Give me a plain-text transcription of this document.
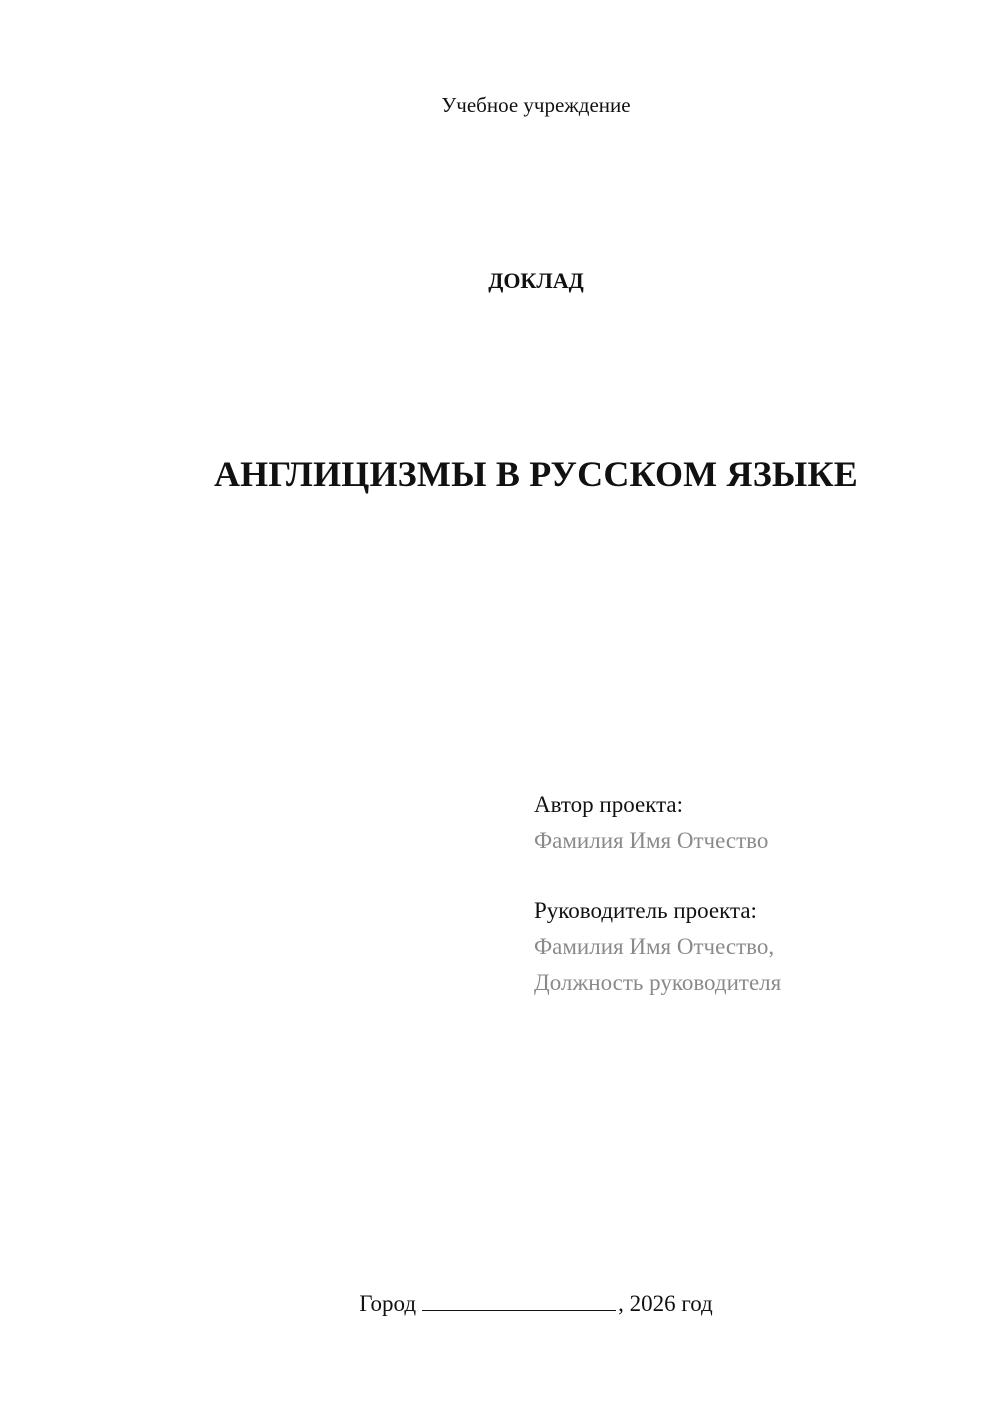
Учебное учреждение
ДОКЛАД
АНГЛИЦИЗМЫ В РУССКОМ ЯЗЫКЕ
Автор проекта:
Фамилия Имя Отчество
Руководитель проекта:
Фамилия Имя Отчество,
Должность руководителя
Город	, 2026 год
